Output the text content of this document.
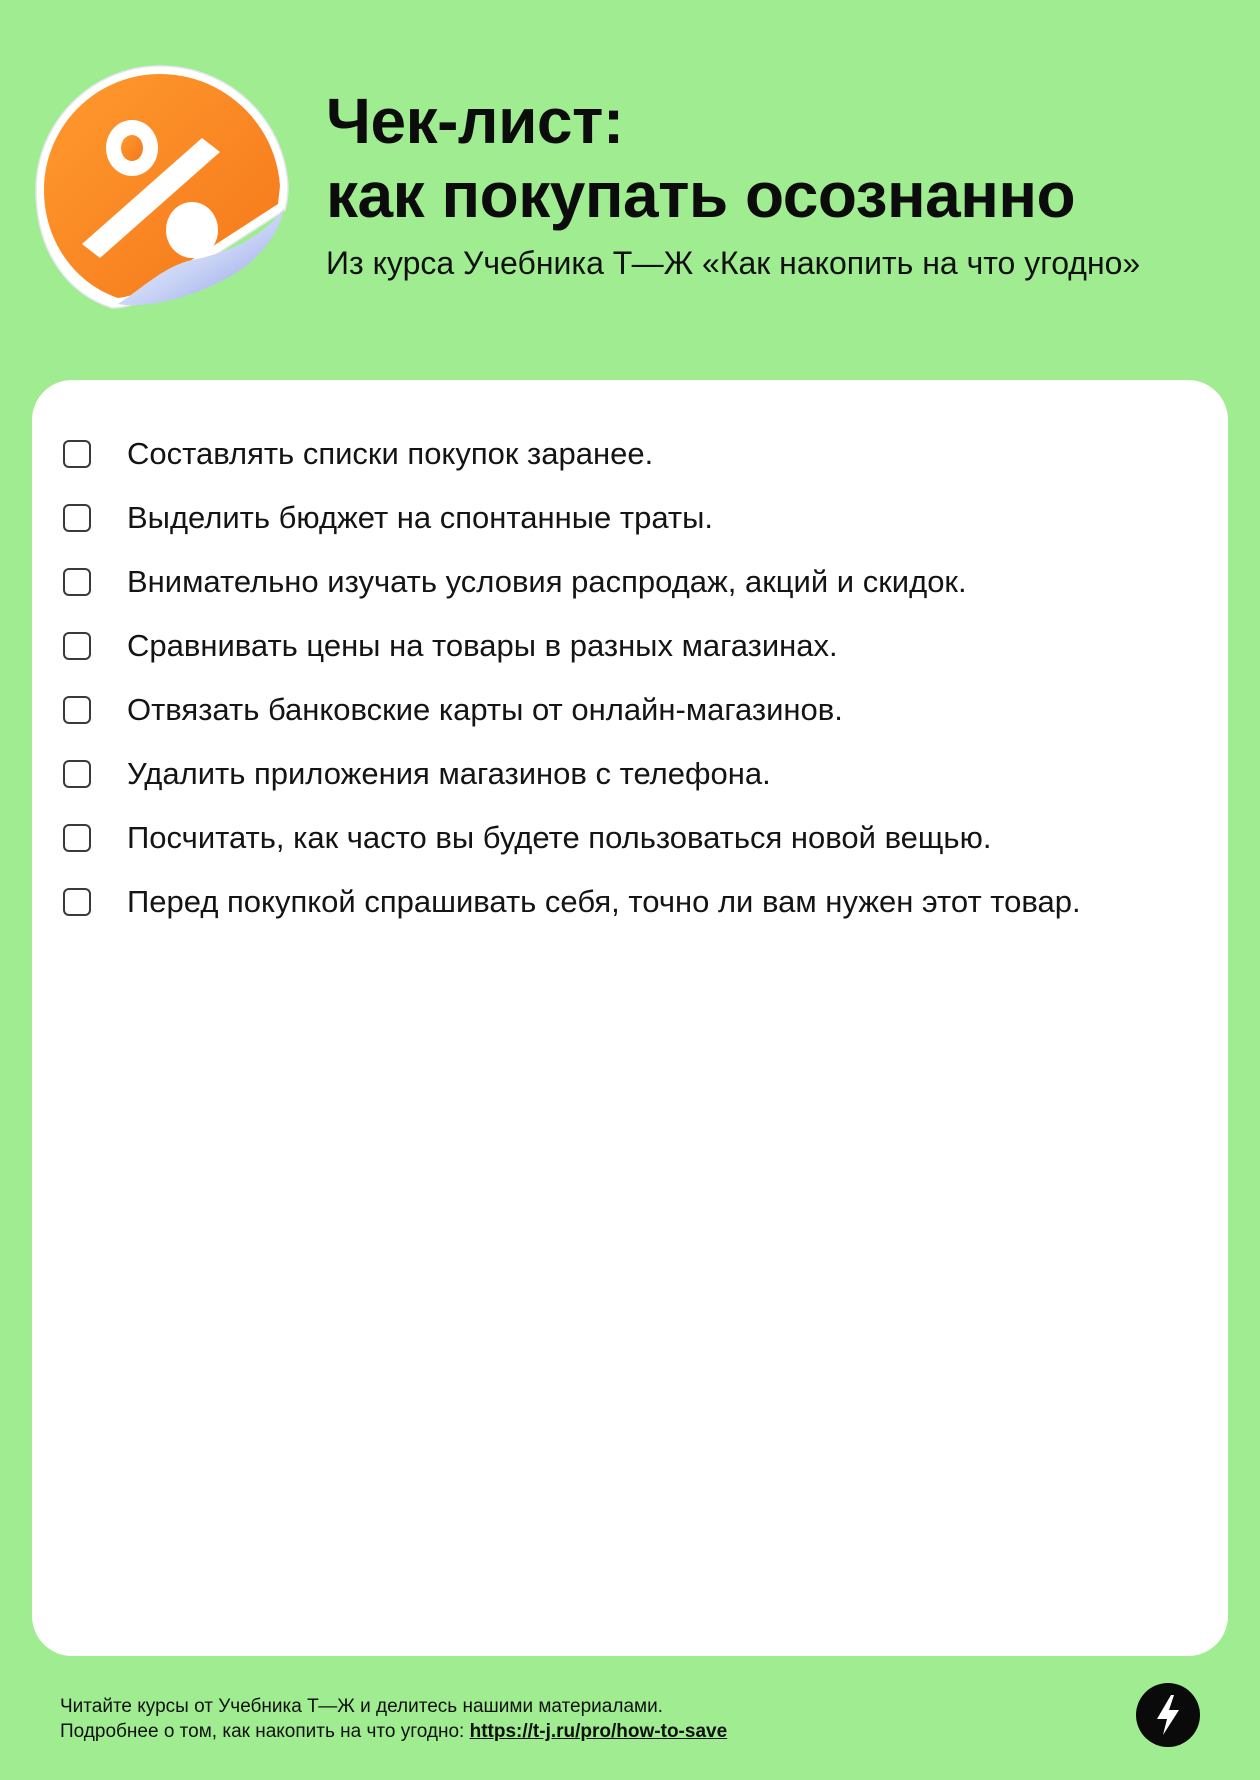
Чек-лист:
как покупать осознанно
Из курса Учебника Т—Ж «Как накопить на что угодно»
Составлять списки покупок заранее.
Выделить бюджет на спонтанные траты.
Внимательно изучать условия распродаж, акций и скидок.
Сравнивать цены на товары в разных магазинах.
Отвязать банковские карты от онлайн-магазинов.
Удалить приложения магазинов с телефона.
Посчитать, как часто вы будете пользоваться новой вещью.
Перед покупкой спрашивать себя, точно ли вам нужен этот товар.
Читайте курсы от Учебника Т—Ж и делитесь нашими материалами.
Подробнее о том, как накопить на что угодно: https://t-j.ru/pro/how-to-save
